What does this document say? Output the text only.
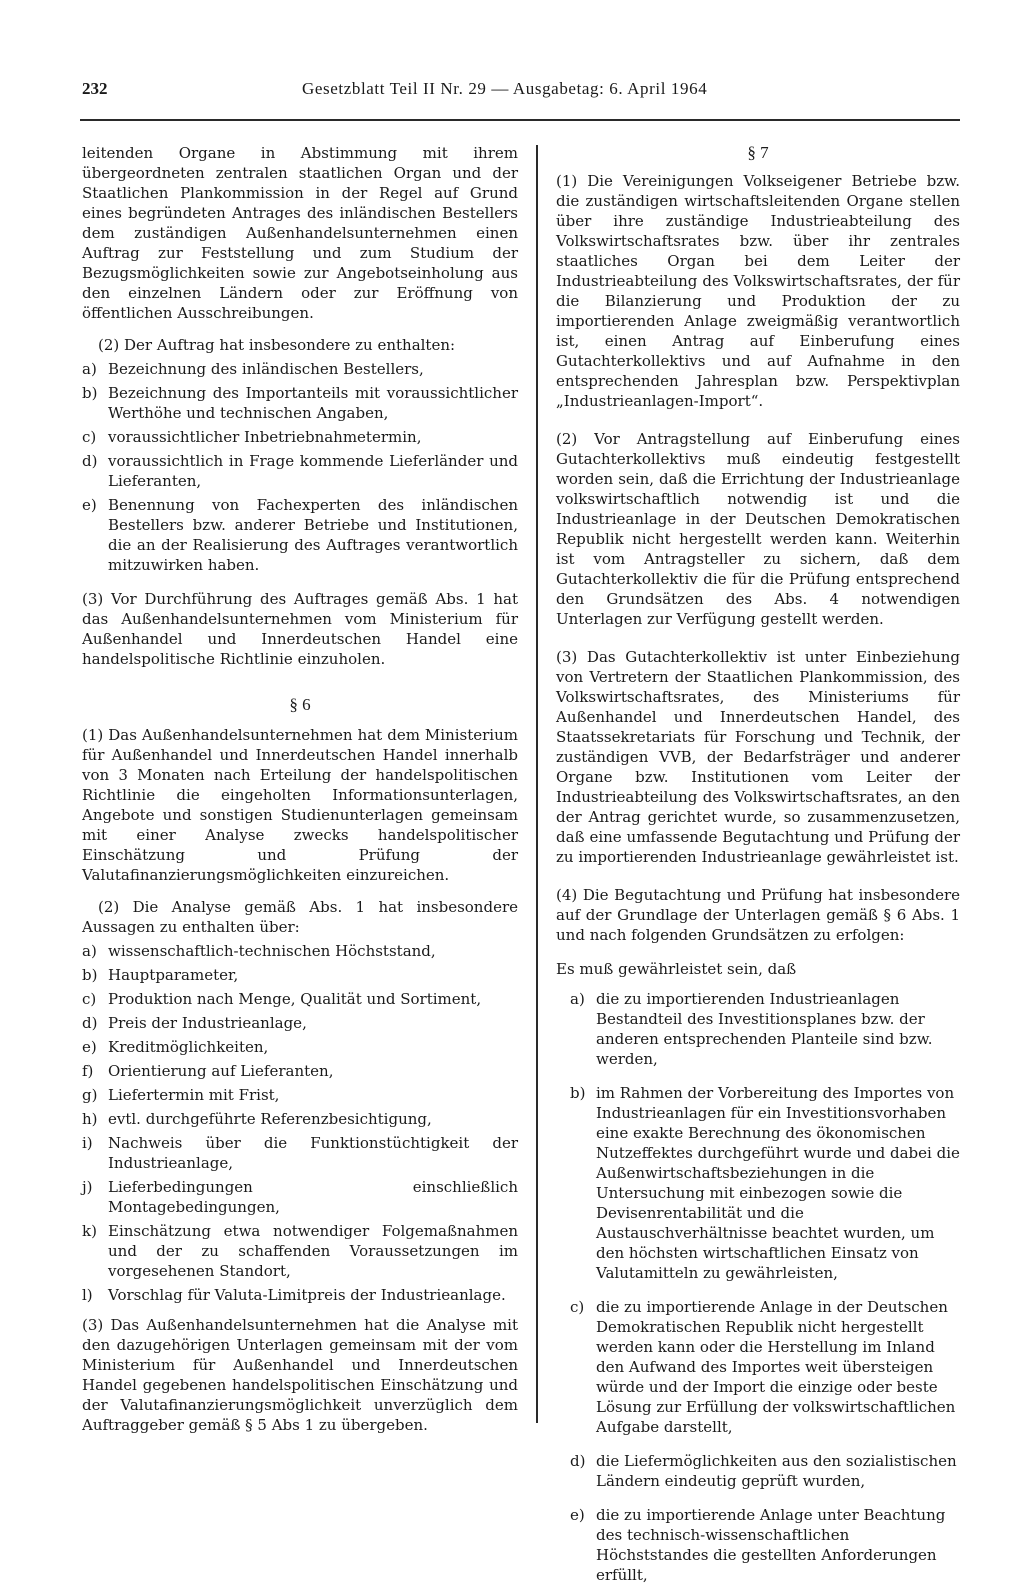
232	Gesetzblatt Teil II Nr. 29 — Ausgabetag: 6. April 1964

leitenden Organe in Abstimmung mit ihrem übergeordneten zentralen staatlichen Organ und der Staatlichen Plankommission in der Regel auf Grund eines begründeten Antrages des inländischen Bestellers dem zuständigen Außenhandelsunternehmen einen Auftrag zur Feststellung und zum Studium der Bezugsmöglichkeiten sowie zur Angebotseinholung aus den einzelnen Ländern oder zur Eröffnung von öffentlichen Ausschreibungen.

(2) Der Auftrag hat insbesondere zu enthalten:

a) Bezeichnung des inländischen Bestellers,
b) Bezeichnung des Importanteils mit voraussichtlicher Werthöhe und technischen Angaben,
c) voraussichtlicher Inbetriebnahmetermin,
d) voraussichtlich in Frage kommende Lieferländer und Lieferanten,
e) Benennung von Fachexperten des inländischen Bestellers bzw. anderer Betriebe und Institutionen, die an der Realisierung des Auftrages verantwortlich mitzuwirken haben.

(3) Vor Durchführung des Auftrages gemäß Abs. 1 hat das Außenhandelsunternehmen vom Ministerium für Außenhandel und Innerdeutschen Handel eine handelspolitische Richtlinie einzuholen.

§ 6

(1) Das Außenhandelsunternehmen hat dem Ministerium für Außenhandel und Innerdeutschen Handel innerhalb von 3 Monaten nach Erteilung der handelspolitischen Richtlinie die eingeholten Informationsunterlagen, Angebote und sonstigen Studienunterlagen gemeinsam mit einer Analyse zwecks handelspolitischer Einschätzung und Prüfung der Valutafinanzierungsmöglichkeiten einzureichen.

(2) Die Analyse gemäß Abs. 1 hat insbesondere Aussagen zu enthalten über:

a) wissenschaftlich-technischen Höchststand,
b) Hauptparameter,
c) Produktion nach Menge, Qualität und Sortiment,
d) Preis der Industrieanlage,
e) Kreditmöglichkeiten,
f) Orientierung auf Lieferanten,
g) Liefertermin mit Frist,
h) evtl. durchgeführte Referenzbesichtigung,
i)	Nachweis über die Funktionstüchtigkeit der Industrieanlage,
j)	Lieferbedingungen einschließlich Montagebedingungen,
k) Einschätzung etwa notwendiger Folgemaßnahmen und der zu schaffenden Voraussetzungen im vorgesehenen Standort,
l)	Vorschlag für Valuta-Limitpreis der Industrieanlage.

(3) Das Außenhandelsunternehmen hat die Analyse mit den dazugehörigen Unterlagen gemeinsam mit der vom Ministerium für Außenhandel und Innerdeutschen Handel gegebenen handelspolitischen Einschätzung und der Valutafinanzierungsmöglichkeit unverzüglich dem Auftraggeber gemäß § 5 Abs 1 zu übergeben.

§ 7

(1) Die Vereinigungen Volkseigener Betriebe bzw. die zuständigen wirtschaftsleitenden Organe stellen über ihre zuständige Industrieabteilung des Volkswirtschaftsrates bzw. über ihr zentrales staatliches Organ bei dem Leiter der Industrieabteilung des Volkswirtschaftsrates, der für die Bilanzierung und Produktion der zu importierenden Anlage zweigmäßig verantwortlich ist, einen Antrag auf Einberufung eines Gutachterkollektivs und auf Aufnahme in den entsprechenden Jahresplan bzw. Perspektivplan „Industrieanlagen-Import“.

(2) Vor Antragstellung auf Einberufung eines Gutachterkollektivs muß eindeutig festgestellt worden sein, daß die Errichtung der Industrieanlage volkswirtschaftlich notwendig ist und die Industrieanlage in der Deutschen Demokratischen Republik nicht hergestellt werden kann. Weiterhin ist vom Antragsteller zu sichern, daß dem Gutachterkollektiv die für die Prüfung entsprechend den Grundsätzen des Abs. 4 notwendigen Unterlagen zur Verfügung gestellt werden.

(3) Das Gutachterkollektiv ist unter Einbeziehung von Vertretern der Staatlichen Plankommission, des Volkswirtschaftsrates, des Ministeriums für Außenhandel und Innerdeutschen Handel, des Staatssekretariats für Forschung und Technik, der zuständigen VVB, der Bedarfsträger und anderer Organe bzw. Institutionen vom Leiter der Industrieabteilung des Volkswirtschaftsrates, an den der Antrag gerichtet wurde, so zusammenzusetzen, daß eine umfassende Begutachtung und Prüfung der zu importierenden Industrieanlage gewährleistet ist.

(4) Die Begutachtung und Prüfung hat insbesondere auf der Grundlage der Unterlagen gemäß § 6 Abs. 1 und nach folgenden Grundsätzen zu erfolgen:

Es muß gewährleistet sein, daß

a) die zu importierenden Industrieanlagen Bestandteil des Investitionsplanes bzw. der anderen entsprechenden Planteile sind bzw. werden,
b) im Rahmen der Vorbereitung des Importes von Industrieanlagen für ein Investitionsvorhaben eine exakte Berechnung des ökonomischen Nutzeffektes durchgeführt wurde und dabei die Außenwirtschaftsbeziehungen in die Untersuchung mit einbezogen sowie die Devisenrentabilität und die Austauschverhältnisse beachtet wurden, um den höchsten wirtschaftlichen Einsatz von Valutamitteln zu gewährleisten,
c) die zu importierende Anlage in der Deutschen Demokratischen Republik nicht hergestellt werden kann oder die Herstellung im Inland den Aufwand des Importes weit übersteigen würde und der Import die einzige oder beste Lösung zur Erfüllung der volkswirtschaftlichen Aufgabe darstellt,
d) die Liefermöglichkeiten aus den sozialistischen Ländern eindeutig geprüft wurden,
e) die zu importierende Anlage unter Beachtung des technisch-wissenschaftlichen Höchststandes die gestellten Anforderungen erfüllt,
